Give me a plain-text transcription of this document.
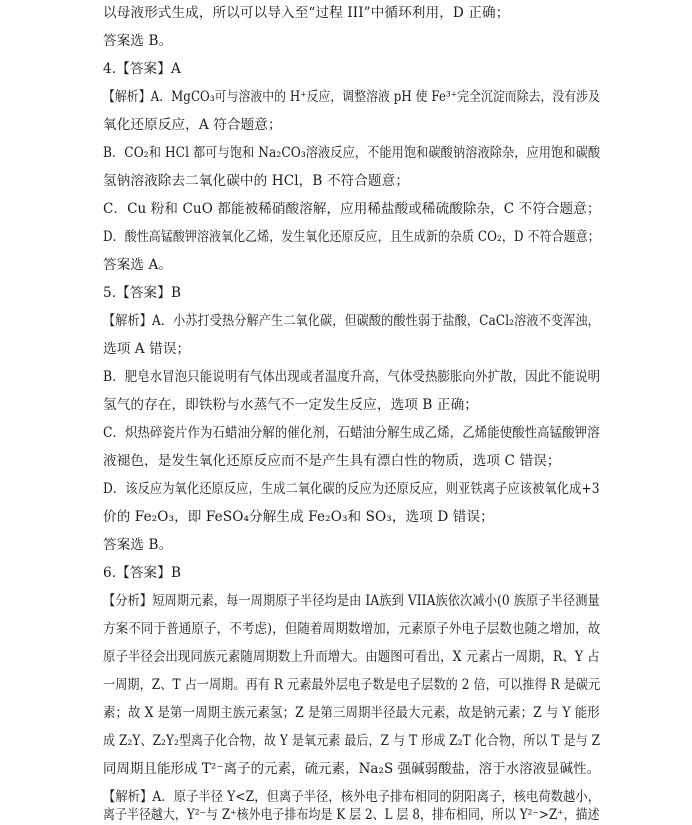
以母液形式生成，所以可以导入至“过程 III”中循环利用，D 正确；
答案选 B。
4.【答案】A
【解析】A．MgCO₃可与溶液中的 H⁺反应，调整溶液 pH 使 Fe³⁺完全沉淀而除去，没有涉及
氧化还原反应，A 符合题意；
B．CO₂和 HCl 都可与饱和 Na₂CO₃溶液反应，不能用饱和碳酸钠溶液除杂，应用饱和碳酸
氢钠溶液除去二氧化碳中的 HCl，B 不符合题意；
C．Cu 粉和 CuO 都能被稀硝酸溶解，应用稀盐酸或稀硫酸除杂，C 不符合题意；
D．酸性高锰酸钾溶液氧化乙烯，发生氧化还原反应，且生成新的杂质 CO₂，D 不符合题意；
答案选 A。
5.【答案】B
【解析】A．小苏打受热分解产生二氧化碳，但碳酸的酸性弱于盐酸，CaCl₂溶液不变浑浊，
选项 A 错误；
B．肥皂水冒泡只能说明有气体出现或者温度升高，气体受热膨胀向外扩散，因此不能说明
氢气的存在，即铁粉与水蒸气不一定发生反应，选项 B 正确；
C．炽热碎瓷片作为石蜡油分解的催化剂，石蜡油分解生成乙烯，乙烯能使酸性高锰酸钾溶
液褪色，是发生氧化还原反应而不是产生具有漂白性的物质，选项 C 错误；
D．该反应为氧化还原反应，生成二氧化碳的反应为还原反应，则亚铁离子应该被氧化成+3
价的 Fe₂O₃，即 FeSO₄分解生成 Fe₂O₃和 SO₃，选项 D 错误；
答案选 B。
6.【答案】B
【分析】短周期元素，每一周期原子半径均是由 IA族到 VIIA族依次减小(0 族原子半径测量
方案不同于普通原子，不考虑)，但随着周期数增加，元素原子外电子层数也随之增加，故
原子半径会出现同族元素随周期数上升而增大。由题图可看出，X 元素占一周期，R、Y 占
一周期，Z、T 占一周期。再有 R 元素最外层电子数是电子层数的 2 倍，可以推得 R 是碳元
素；故 X 是第一周期主族元素氢；Z 是第三周期半径最大元素，故是钠元素；Z 与 Y 能形
成 Z₂Y、Z₂Y₂型离子化合物，故 Y 是氧元素 最后，Z 与 T 形成 Z₂T 化合物，所以 T 是与 Z
同周期且能形成 T²⁻离子的元素，硫元素，Na₂S 强碱弱酸盐，溶于水溶液显碱性。
【解析】A．原子半径 Y<Z，但离子半径，核外电子排布相同的阴阳离子，核电荷数越小，
离子半径越大，Y²⁻与 Z⁺核外电子排布均是 K 层 2、L 层 8，排布相同，所以 Y²⁻>Z⁺，描述
